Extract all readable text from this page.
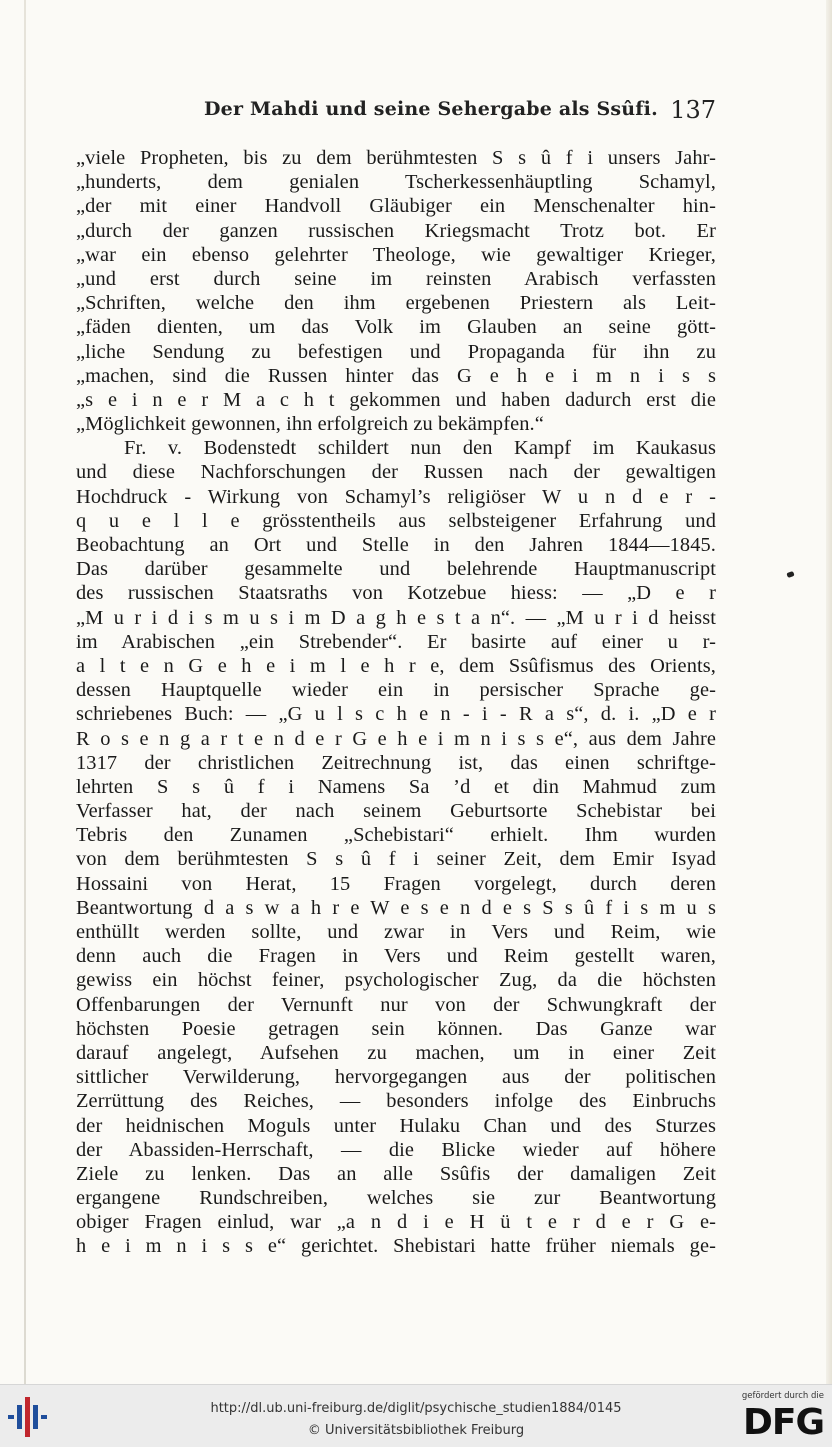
Der Mahdi und seine Sehergabe als Ssûfi. 137
„viele Propheten, bis zu dem berühmtesten S s û f i unsers Jahr-
„hunderts, dem genialen Tscherkessenhäuptling Schamyl,
„der mit einer Handvoll Gläubiger ein Menschenalter hin-
„durch der ganzen russischen Kriegsmacht Trotz bot. Er
„war ein ebenso gelehrter Theologe, wie gewaltiger Krieger,
„und erst durch seine im reinsten Arabisch verfassten
„Schriften, welche den ihm ergebenen Priestern als Leit-
„fäden dienten, um das Volk im Glauben an seine gött-
„liche Sendung zu befestigen und Propaganda für ihn zu
„machen, sind die Russen hinter das G e h e i m n i s s
„s e i n e r M a c h t gekommen und haben dadurch erst die
„Möglichkeit gewonnen, ihn erfolgreich zu bekämpfen.“
Fr. v. Bodenstedt schildert nun den Kampf im Kaukasus
und diese Nachforschungen der Russen nach der gewaltigen
Hochdruck - Wirkung von Schamyl’s religiöser W u n d e r -
q u e l l e grösstentheils aus selbsteigener Erfahrung und
Beobachtung an Ort und Stelle in den Jahren 1844—1845.
Das darüber gesammelte und belehrende Hauptmanuscript
des russischen Staatsraths von Kotzebue hiess: — „D e r
„M u r i d i s m u s i m D a g h e s t a n“. — „M u r i d heisst
im Arabischen „ein Strebender“. Er basirte auf einer u r-
a l t e n G e h e i m l e h r e, dem Ssûfismus des Orients,
dessen Hauptquelle wieder ein in persischer Sprache ge-
schriebenes Buch: — „G u l s c h e n - i - R a s“, d. i. „D e r
R o s e n g a r t e n d e r G e h e i m n i s s e“, aus dem Jahre
1317 der christlichen Zeitrechnung ist, das einen schriftge-
lehrten S s û f i Namens Sa ’d et din Mahmud zum
Verfasser hat, der nach seinem Geburtsorte Schebistar bei
Tebris den Zunamen „Schebistari“ erhielt. Ihm wurden
von dem berühmtesten S s û f i seiner Zeit, dem Emir Isyad
Hossaini von Herat, 15 Fragen vorgelegt, durch deren
Beantwortung d a s w a h r e W e s e n d e s S s û f i s m u s
enthüllt werden sollte, und zwar in Vers und Reim, wie
denn auch die Fragen in Vers und Reim gestellt waren,
gewiss ein höchst feiner, psychologischer Zug, da die höchsten
Offenbarungen der Vernunft nur von der Schwungkraft der
höchsten Poesie getragen sein können. Das Ganze war
darauf angelegt, Aufsehen zu machen, um in einer Zeit
sittlicher Verwilderung, hervorgegangen aus der politischen
Zerrüttung des Reiches, — besonders infolge des Einbruchs
der heidnischen Moguls unter Hulaku Chan und des Sturzes
der Abassiden-Herrschaft, — die Blicke wieder auf höhere
Ziele zu lenken. Das an alle Ssûfis der damaligen Zeit
ergangene Rundschreiben, welches sie zur Beantwortung
obiger Fragen einlud, war „a n d i e H ü t e r d e r G e-
h e i m n i s s e“ gerichtet. Shebistari hatte früher niemals ge-
http://dl.ub.uni-freiburg.de/diglit/psychische_studien1884/0145
© Universitätsbibliothek Freiburg
gefördert durch die
DFG
